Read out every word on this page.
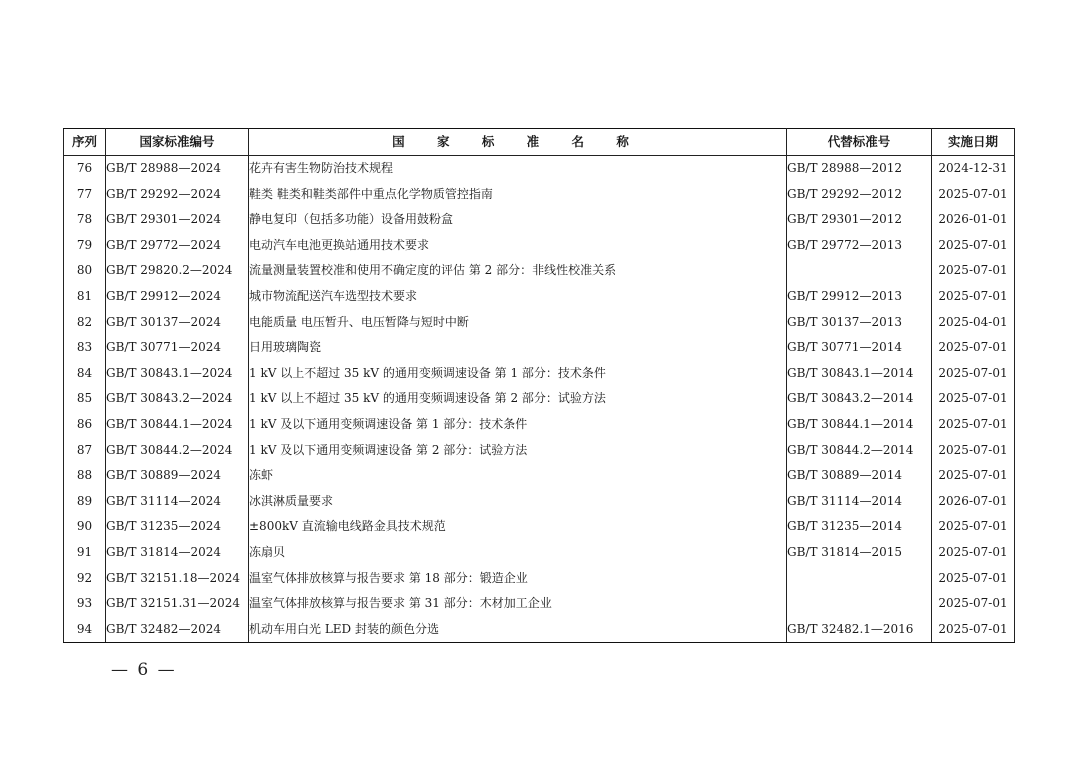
序列	国家标准编号	国 家 标 准 名 称	代替标准号	实施日期
76	GB/T 28988—2024	花卉有害生物防治技术规程	GB/T 28988—2012	2024-12-31
77	GB/T 29292—2024	鞋类 鞋类和鞋类部件中重点化学物质管控指南	GB/T 29292—2012	2025-07-01
78	GB/T 29301—2024	静电复印（包括多功能）设备用鼓粉盒	GB/T 29301—2012	2026-01-01
79	GB/T 29772—2024	电动汽车电池更换站通用技术要求	GB/T 29772—2013	2025-07-01
80	GB/T 29820.2—2024	流量测量装置校准和使用不确定度的评估 第 2 部分：非线性校准关系		2025-07-01
81	GB/T 29912—2024	城市物流配送汽车选型技术要求	GB/T 29912—2013	2025-07-01
82	GB/T 30137—2024	电能质量 电压暂升、电压暂降与短时中断	GB/T 30137—2013	2025-04-01
83	GB/T 30771—2024	日用玻璃陶瓷	GB/T 30771—2014	2025-07-01
84	GB/T 30843.1—2024	1 kV 以上不超过 35 kV 的通用变频调速设备 第 1 部分：技术条件	GB/T 30843.1—2014	2025-07-01
85	GB/T 30843.2—2024	1 kV 以上不超过 35 kV 的通用变频调速设备 第 2 部分：试验方法	GB/T 30843.2—2014	2025-07-01
86	GB/T 30844.1—2024	1 kV 及以下通用变频调速设备 第 1 部分：技术条件	GB/T 30844.1—2014	2025-07-01
87	GB/T 30844.2—2024	1 kV 及以下通用变频调速设备 第 2 部分：试验方法	GB/T 30844.2—2014	2025-07-01
88	GB/T 30889—2024	冻虾	GB/T 30889—2014	2025-07-01
89	GB/T 31114—2024	冰淇淋质量要求	GB/T 31114—2014	2026-07-01
90	GB/T 31235—2024	±800kV 直流输电线路金具技术规范	GB/T 31235—2014	2025-07-01
91	GB/T 31814—2024	冻扇贝	GB/T 31814—2015	2025-07-01
92	GB/T 32151.18—2024	温室气体排放核算与报告要求 第 18 部分：锻造企业		2025-07-01
93	GB/T 32151.31—2024	温室气体排放核算与报告要求 第 31 部分：木材加工企业		2025-07-01
94	GB/T 32482—2024	机动车用白光 LED 封装的颜色分选	GB/T 32482.1—2016	2025-07-01
— 6 —
